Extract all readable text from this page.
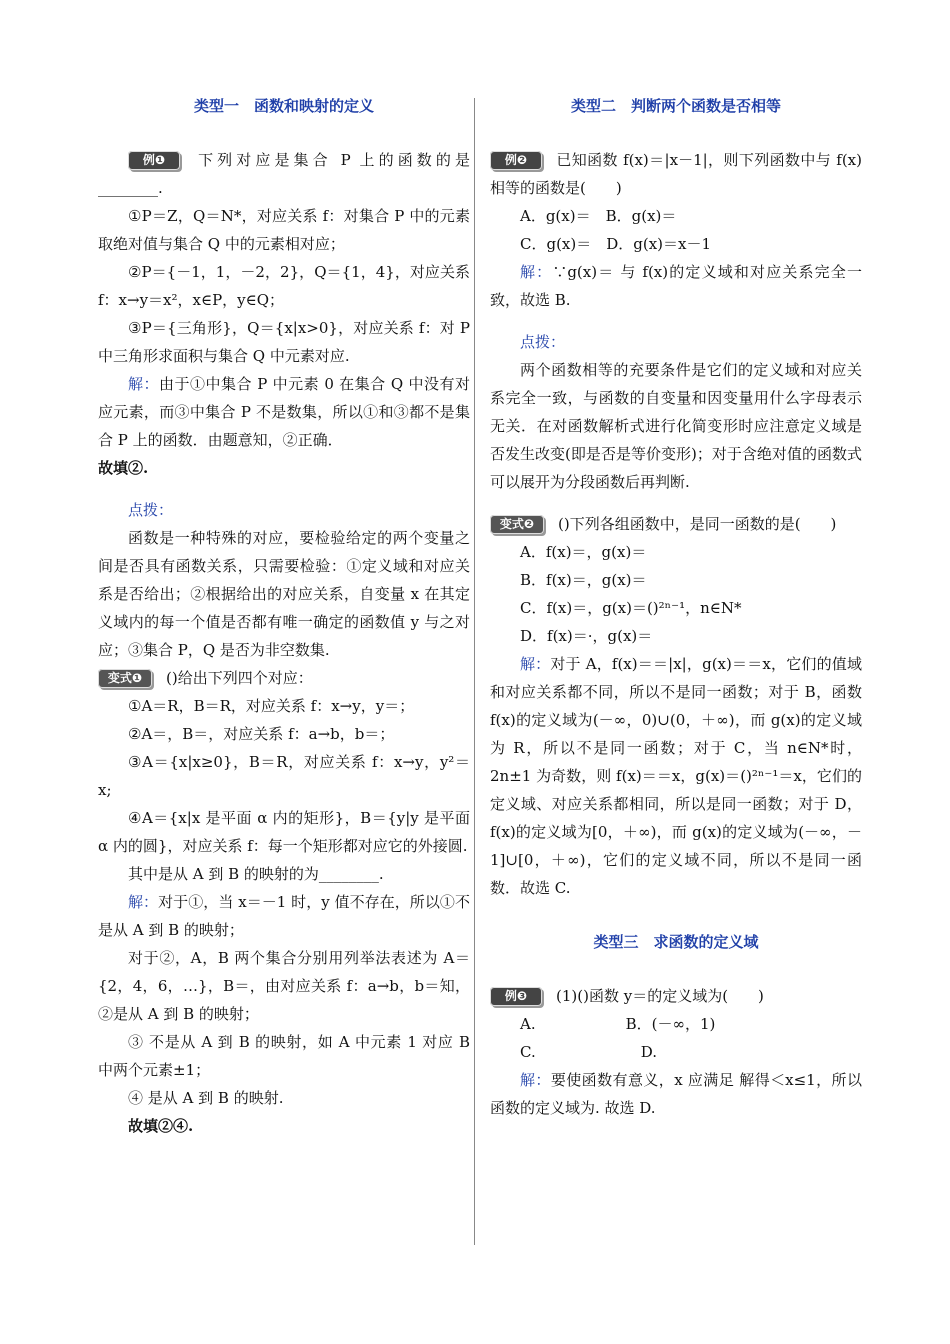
类型一　函数和映射的定义
例❶ 下列对应是集合 P 上的函数的是________.
①P＝Z，Q＝N*，对应关系 f：对集合 P 中的元素取绝对值与集合 Q 中的元素相对应；
②P＝{－1，1，－2，2}，Q＝{1，4}，对应关系 f：x→y＝x²，x∈P，y∈Q；
③P＝{三角形}，Q＝{x|x>0}，对应关系 f：对 P 中三角形求面积与集合 Q 中元素对应.
解：由于①中集合 P 中元素 0 在集合 Q 中没有对应元素，而③中集合 P 不是数集，所以①和③都不是集合 P 上的函数．由题意知，②正确．
故填②.
点拨：
函数是一种特殊的对应，要检验给定的两个变量之间是否具有函数关系，只需要检验：①定义域和对应关系是否给出；②根据给出的对应关系，自变量 x 在其定义域内的每一个值是否都有唯一确定的函数值 y 与之对应；③集合 P，Q 是否为非空数集.
变式❶ ()给出下列四个对应：
①A＝R，B＝R，对应关系 f：x→y，y＝；
②A＝，B＝，对应关系 f：a→b，b＝；
③A＝{x|x≥0}，B＝R，对应关系 f：x→y，y²＝x;
④A＝{x|x 是平面 α 内的矩形}，B＝{y|y 是平面 α 内的圆}，对应关系 f：每一个矩形都对应它的外接圆.
其中是从 A 到 B 的映射的为________.
解：对于①，当 x＝－1 时，y 值不存在，所以①不是从 A 到 B 的映射；
对于②，A，B 两个集合分别用列举法表述为 A＝{2，4，6，…}，B＝，由对应关系 f：a→b，b＝知，②是从 A 到 B 的映射；
③ 不是从 A 到 B 的映射，如 A 中元素 1 对应 B 中两个元素±1；
④ 是从 A 到 B 的映射.
故填②④.
类型二　判断两个函数是否相等
例❷ 已知函数 f(x)＝|x－1|，则下列函数中与 f(x)相等的函数是(　　)
A．g(x)＝　B．g(x)＝
C．g(x)＝　D．g(x)＝x－1
解：∵g(x)＝ 与 f(x)的定义域和对应关系完全一致，故选 B.
点拨：
两个函数相等的充要条件是它们的定义域和对应关系完全一致，与函数的自变量和因变量用什么字母表示无关．在对函数解析式进行化简变形时应注意定义域是否发生改变(即是否是等价变形)；对于含绝对值的函数式可以展开为分段函数后再判断.
变式❷ ()下列各组函数中，是同一函数的是(　　)
A．f(x)＝，g(x)＝
B．f(x)＝，g(x)＝
C．f(x)＝，g(x)＝()²ⁿ⁻¹，n∈N*
D．f(x)＝·，g(x)＝
解：对于 A，f(x)＝＝|x|，g(x)＝＝x，它们的值域和对应关系都不同，所以不是同一函数；对于 B，函数 f(x)的定义域为(－∞，0)∪(0，＋∞)，而 g(x)的定义域为 R，所以不是同一函数；对于 C，当 n∈N*时，2n±1 为奇数，则 f(x)＝＝x，g(x)＝()²ⁿ⁻¹＝x，它们的定义域、对应关系都相同，所以是同一函数；对于 D，f(x)的定义域为[0，＋∞)，而 g(x)的定义域为(－∞，－1]∪[0，＋∞)，它们的定义域不同，所以不是同一函数．故选 C.
类型三　求函数的定义域
例❸ (1)()函数 y＝的定义域为(　　)
A.　　　　　　B．(－∞，1)
C.　　　　　　　D.
解：要使函数有意义，x 应满足 解得＜x≤1，所以函数的定义域为. 故选 D.
